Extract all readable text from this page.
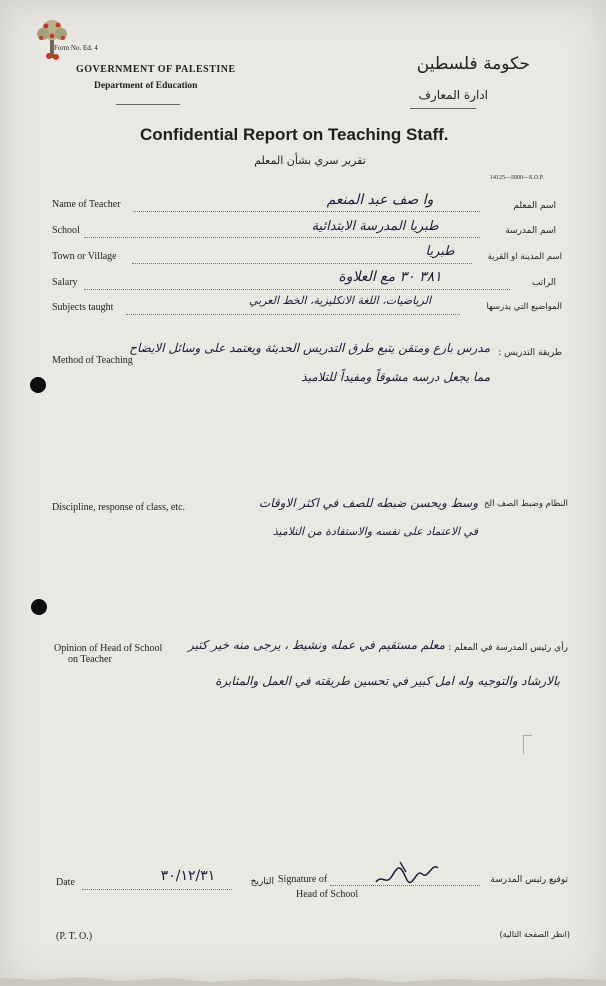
Form No. Ed. 4
GOVERNMENT OF PALESTINE
Department of Education
حكومة فلسطين
ادارة المعارف
Confidential Report on Teaching Staff.
تقرير سري بشأن المعلم
14125—5000—S.O.P.
Name of Teacher	وا صف عبد المنعم	اسم المعلم
School	طبريا المدرسة الابتدائية	اسم المدرسة
Town or Village	طبريا	اسم المدينة او القرية
Salary	٣٨١ ٣٠ مع العلاوة	الراتب
Subjects taught
الرياضيات، اللغة الانكليزية، الخط العربي	المواضيع التي يدرسها
Method of Teaching
طريقة التدريس :
مدرس بارع ومتقن يتبع طرق التدريس الحديثة ويعتمد على وسائل الايضاح
مما يجعل درسه مشوقاً ومفيداً للتلاميذ
Discipline, response of class, etc.	النظام وضبط الصف الخ
وسط ويحسن ضبطه للصف في اكثر الاوقات
في الاعتماد على نفسه والاستفادة من التلاميذ
Opinion of Head of School
on Teacher
رأي رئيس المدرسة في المعلم :
معلم مستقيم في عمله ونشيط ، يرجى منه خير كثير
بالارشاد والتوجيه وله امل كبير في تحسين طريقته في العمل والمثابرة
Date	٣٠/١٢/٣١	التاريخ Signature of
Head of School
توقيع رئيس المدرسة
(P. T. O.)	(انظر الصفحة التالية)
